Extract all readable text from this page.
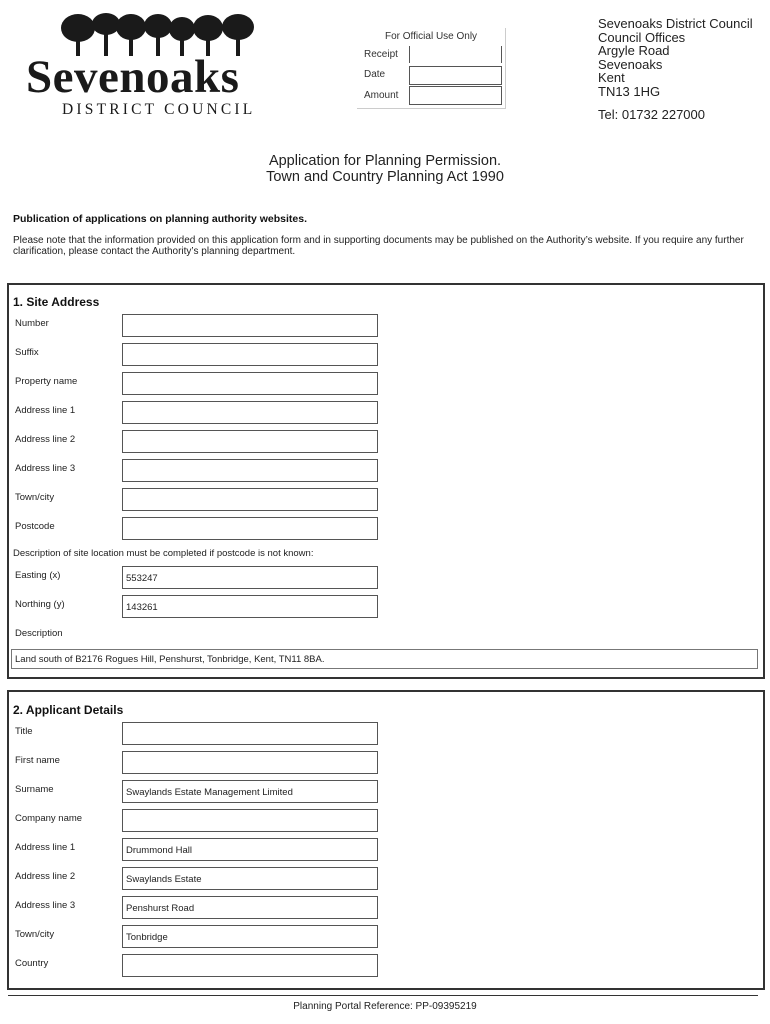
Sevenoaks
DISTRICT COUNCIL
For Official Use Only
Receipt
Date
Amount
Sevenoaks District Council
Council Offices
Argyle Road
Sevenoaks
Kent
TN13 1HG
Tel: 01732 227000
Application for Planning Permission.
Town and Country Planning Act 1990
Publication of applications on planning authority websites.
Please note that the information provided on this application form and in supporting documents may be published on the Authority’s website. If you require any further clarification, please contact the Authority’s planning department.
1. Site Address
Number
Suffix
Property name
Address line 1
Address line 2
Address line 3
Town/city
Postcode
Description of site location must be completed if postcode is not known:
Easting (x)	553247
Northing (y)	143261
Description
Land south of B2176 Rogues Hill, Penshurst, Tonbridge, Kent, TN11 8BA.
2. Applicant Details
Title
First name
Surname	Swaylands Estate Management Limited
Company name
Address line 1	Drummond Hall
Address line 2	Swaylands Estate
Address line 3	Penshurst Road
Town/city	Tonbridge
Country
Planning Portal Reference: PP-09395219
